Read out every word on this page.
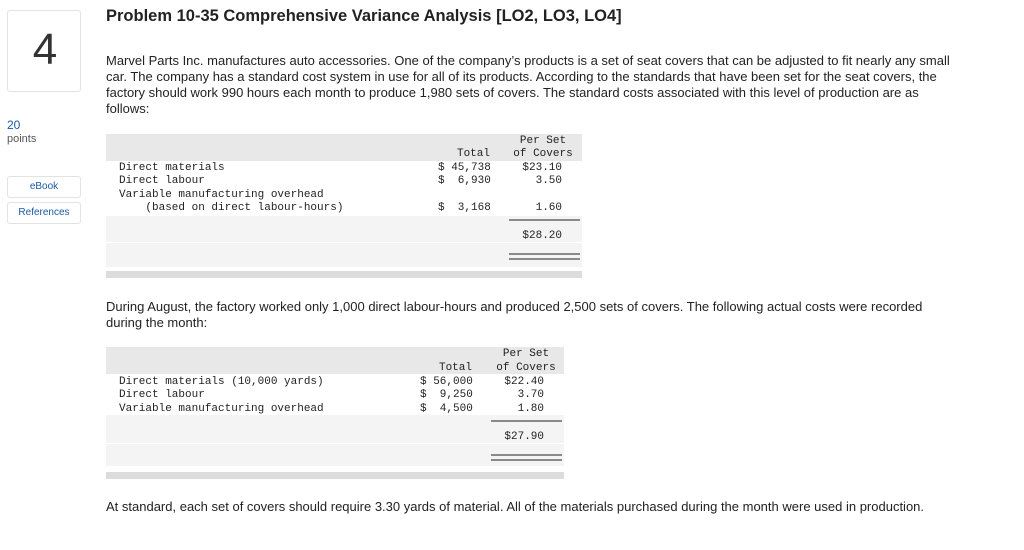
4
20
points
eBook
References
Problem 10-35 Comprehensive Variance Analysis [LO2, LO3, LO4]
Marvel Parts Inc. manufactures auto accessories. One of the company’s products is a set of seat covers that can be adjusted to fit nearly any small car. The company has a standard cost system in use for all of its products. According to the standards that have been set for the seat covers, the factory should work 990 hours each month to produce 1,980 sets of covers. The standard costs associated with this level of production are as follows:
Per Set
Total	of Covers
Direct materials	$ 45,738	$23.10
Direct labour	$  6,930	3.50
Variable manufacturing overhead
(based on direct labour-hours)	$  3,168	1.60
$28.20
During August, the factory worked only 1,000 direct labour-hours and produced 2,500 sets of covers. The following actual costs were recorded during the month:
Per Set
Total	of Covers
Direct materials (10,000 yards)	$ 56,000	$22.40
Direct labour	$  9,250	3.70
Variable manufacturing overhead	$  4,500	1.80
$27.90
At standard, each set of covers should require 3.30 yards of material. All of the materials purchased during the month were used in production.
